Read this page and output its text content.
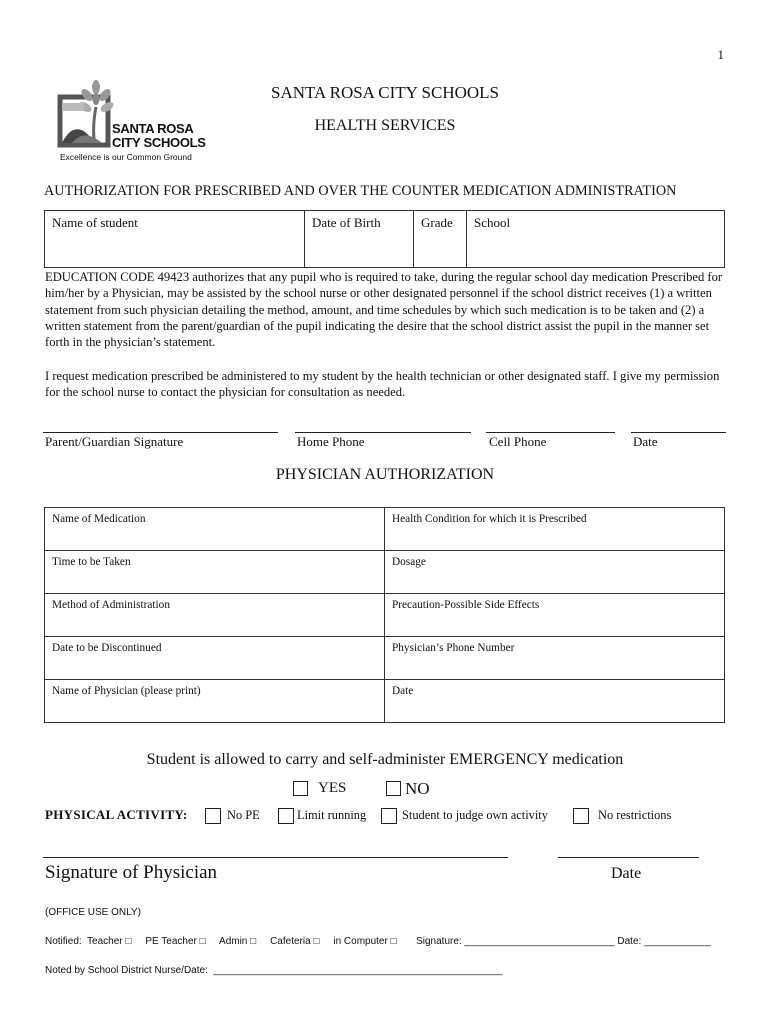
1
SANTA ROSA
CITY SCHOOLS
Excellence is our Common Ground
SANTA ROSA CITY SCHOOLS
HEALTH SERVICES
AUTHORIZATION FOR PRESCRIBED AND OVER THE COUNTER MEDICATION ADMINISTRATION
Name of student	Date of Birth	Grade	School
EDUCATION CODE 49423 authorizes that any pupil who is required to take, during the regular school day medication Prescribed for him/her by a Physician, may be assisted by the school nurse or other designated personnel if the school district receives (1) a written statement from such physician detailing the method, amount, and time schedules by which such medication is to be taken and (2) a written statement from the parent/guardian of the pupil indicating the desire that the school district assist the pupil in the manner set forth in the physician’s statement.
I request medication prescribed be administered to my student by the health technician or other designated staff. I give my permission for the school nurse to contact the physician for consultation as needed.
Parent/Guardian Signature	Home Phone	Cell Phone	Date
PHYSICIAN AUTHORIZATION
Name of Medication	Health Condition for which it is Prescribed
Time to be Taken	Dosage
Method of Administration	Precaution-Possible Side Effects
Date to be Discontinued	Physician’s Phone Number
Name of Physician (please print)	Date
Student is allowed to carry and self-administer EMERGENCY medication
YES	NO
PHYSICAL ACTIVITY:	No PE	Limit running	Student to judge own activity	No restrictions
Signature of Physician	Date
(OFFICE USE ONLY)
Notified:  Teacher □     PE Teacher □     Admin □     Cafeteria □     in Computer □       Signature: ___________________________ Date: ____________
Noted by School District Nurse/Date:  ____________________________________________________
